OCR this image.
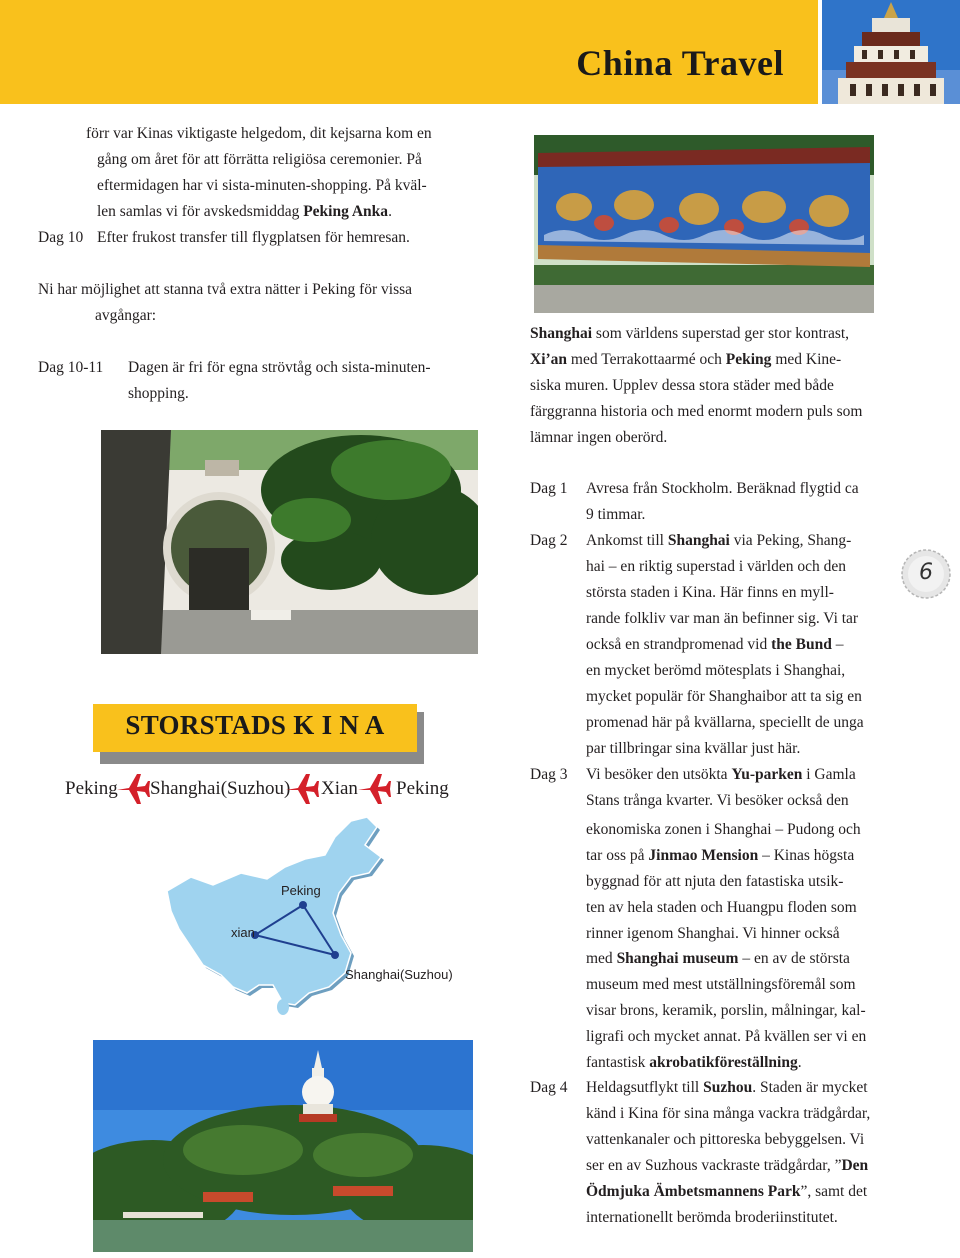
China Travel
förr var Kinas viktigaste helgedom, dit kejsarna kom en
gång om året för att förrätta religiösa ceremonier. På
eftermidagen har vi sista-minuten-shopping. På kväl-
len samlas vi för avskedsmiddag Peking Anka.
Dag 10 Efter frukost transfer till flygplatsen för hemresan.
Ni har möjlighet att stanna två extra nätter i Peking för vissa
avgångar:
Dag 10-11 Dagen är fri för egna strövtåg och sista-minuten-
shopping.
Shanghai som världens superstad ger stor kontrast,
Xi’an med Terrakottaarmé och Peking med Kine-
siska muren. Upplev dessa stora städer med både
färggranna historia och med enormt modern puls som
lämnar ingen oberörd.
STORSTADS K I N A
Peking Shanghai(Suzhou) Xian Peking
Peking
xian
Shanghai(Suzhou)
Dag 1 Avresa från Stockholm. Beräknad flygtid ca
9 timmar.
Dag 2 Ankomst till Shanghai via Peking, Shang-
hai – en riktig superstad i världen och den
största staden i Kina. Här finns en myll-
rande folkliv var man än befinner sig. Vi tar
också en strandpromenad vid the Bund –
en mycket berömd mötesplats i Shanghai,
mycket populär för Shanghaibor att ta sig en
promenad här på kvällarna, speciellt de unga
par tillbringar sina kvällar just här.
Dag 3 Vi besöker den utsökta Yu-parken i Gamla
Stans trånga kvarter. Vi besöker också den
ekonomiska zonen i Shanghai – Pudong och
tar oss på Jinmao Mension – Kinas högsta
byggnad för att njuta den fatastiska utsik-
ten av hela staden och Huangpu floden som
rinner igenom Shanghai. Vi hinner också
med Shanghai museum – en av de största
museum med mest utställningsföremål som
visar brons, keramik, porslin, målningar, kal-
ligrafi och mycket annat. På kvällen ser vi en
fantastisk akrobatikföreställning.
Dag 4 Heldagsutflykt till Suzhou. Staden är mycket
känd i Kina för sina många vackra trädgårdar,
vattenkanaler och pittoreska bebyggelsen. Vi
ser en av Suzhous vackraste trädgårdar, ”Den
Ödmjuka Ämbetsmannens Park”, samt det
internationellt berömda broderiinstitutet.
6
